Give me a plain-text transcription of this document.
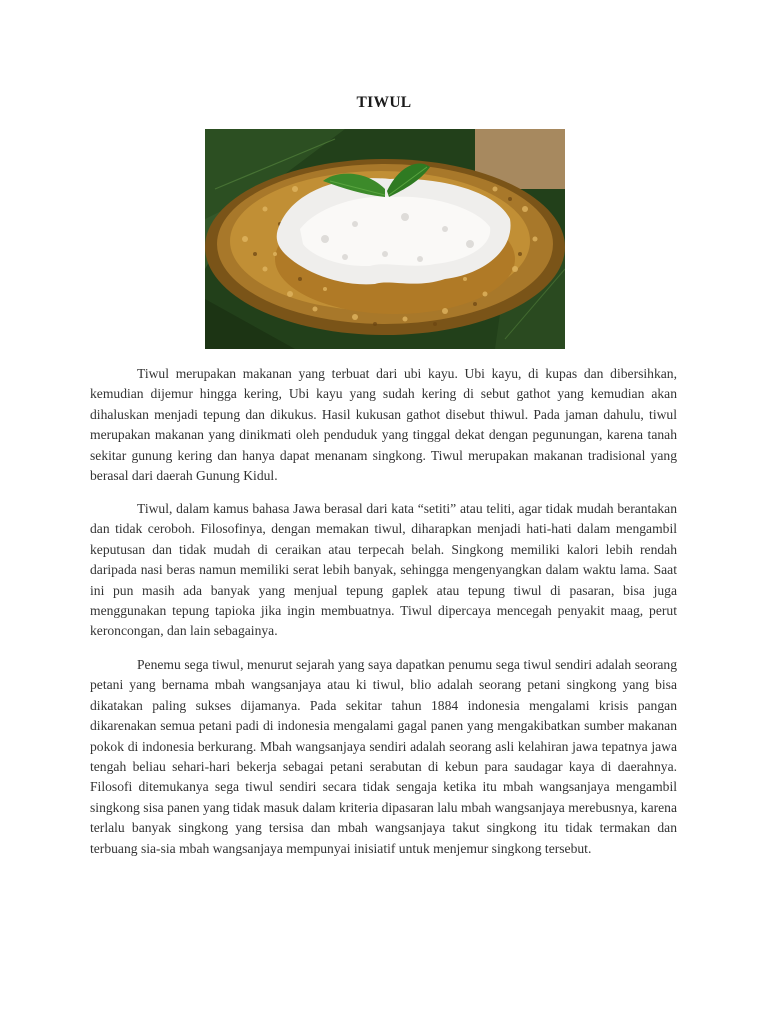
TIWUL

Tiwul merupakan makanan yang terbuat dari ubi kayu. Ubi kayu, di kupas dan dibersihkan, kemudian dijemur hingga kering, Ubi kayu yang sudah kering di sebut gathot yang kemudian akan dihaluskan menjadi tepung dan dikukus. Hasil kukusan gathot disebut thiwul. Pada jaman dahulu, tiwul merupakan makanan yang dinikmati oleh penduduk yang tinggal dekat dengan pegunungan, karena tanah sekitar gunung kering dan hanya dapat menanam singkong. Tiwul merupakan makanan tradisional yang berasal dari daerah Gunung Kidul.

Tiwul, dalam kamus bahasa Jawa berasal dari kata “setiti” atau teliti, agar tidak mudah berantakan dan tidak ceroboh. Filosofinya, dengan memakan tiwul, diharapkan menjadi hati-hati dalam mengambil keputusan dan tidak mudah di ceraikan atau terpecah belah. Singkong memiliki kalori lebih rendah daripada nasi beras namun memiliki serat lebih banyak, sehingga mengenyangkan dalam waktu lama. Saat ini pun masih ada banyak yang menjual tepung gaplek atau tepung tiwul di pasaran, bisa juga menggunakan tepung tapioka jika ingin membuatnya. Tiwul dipercaya mencegah penyakit maag, perut keroncongan, dan lain sebagainya.

Penemu sega tiwul, menurut sejarah yang saya dapatkan penumu sega tiwul sendiri adalah seorang petani yang bernama mbah wangsanjaya atau ki tiwul, blio adalah seorang petani singkong yang bisa dikatakan paling sukses dijamanya. Pada sekitar tahun 1884 indonesia mengalami krisis pangan dikarenakan semua petani padi di indonesia mengalami gagal panen yang mengakibatkan sumber makanan pokok di indonesia berkurang. Mbah wangsanjaya sendiri adalah seorang asli kelahiran jawa tepatnya jawa tengah beliau sehari-hari bekerja sebagai petani serabutan di kebun para saudagar kaya di daerahnya. Filosofi ditemukanya sega tiwul sendiri secara tidak sengaja ketika itu mbah wangsanjaya mengambil singkong sisa panen yang tidak masuk dalam kriteria dipasaran lalu mbah wangsanjaya merebusnya, karena terlalu banyak singkong yang tersisa dan mbah wangsanjaya takut singkong itu tidak termakan dan terbuang sia-sia mbah wangsanjaya mempunyai inisiatif untuk menjemur singkong tersebut.
